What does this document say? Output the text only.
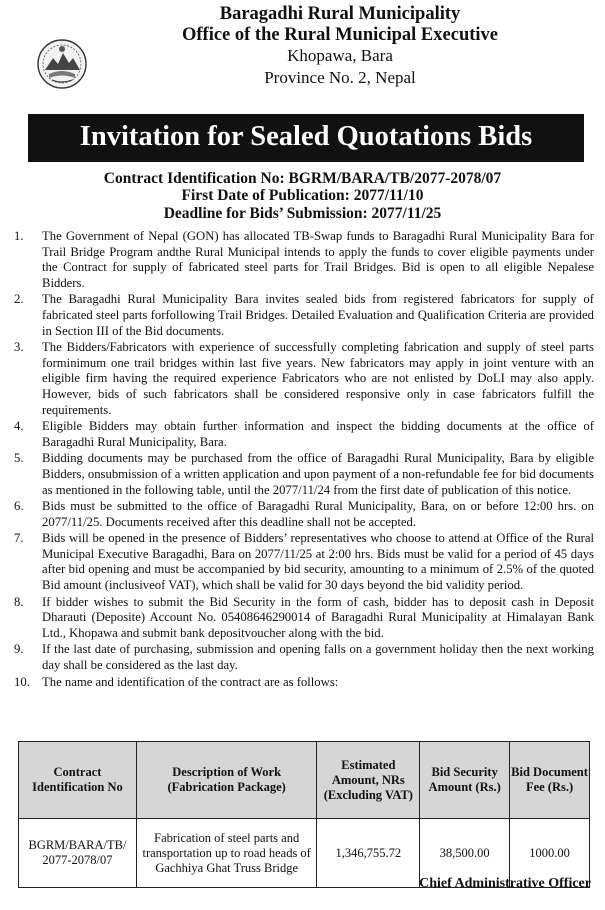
Baragadhi Rural Municipality
Office of the Rural Municipal Executive
Khopawa, Bara
Province No. 2, Nepal
Invitation for Sealed Quotations Bids
Contract Identification No: BGRM/BARA/TB/2077-2078/07
First Date of Publication: 2077/11/10
Deadline for Bids’ Submission: 2077/11/25
1. The Government of Nepal (GON) has allocated TB-Swap funds to Baragadhi Rural Municipality Bara for Trail Bridge Program andthe Rural Municipal intends to apply the funds to cover eligible payments under the Contract for supply of fabricated steel parts for Trail Bridges. Bid is open to all eligible Nepalese Bidders.
2. The Baragadhi Rural Municipality Bara invites sealed bids from registered fabricators for supply of fabricated steel parts forfollowing Trail Bridges. Detailed Evaluation and Qualification Criteria are provided in Section III of the Bid documents.
3. The Bidders/Fabricators with experience of successfully completing fabrication and supply of steel parts forminimum one trail bridges within last five years. New fabricators may apply in joint venture with an eligible firm having the required experience Fabricators who are not enlisted by DoLI may also apply. However, bids of such fabricators shall be considered responsive only in case fabricators fulfill the requirements.
4. Eligible Bidders may obtain further information and inspect the bidding documents at the office of Baragadhi Rural Municipality, Bara.
5. Bidding documents may be purchased from the office of Baragadhi Rural Municipality, Bara by eligible Bidders, onsubmission of a written application and upon payment of a non-refundable fee for bid documents as mentioned in the following table, until the 2077/11/24 from the first date of publication of this notice.
6. Bids must be submitted to the office of Baragadhi Rural Municipality, Bara, on or before 12:00 hrs. on 2077/11/25. Documents received after this deadline shall not be accepted.
7. Bids will be opened in the presence of Bidders’ representatives who choose to attend at Office of the Rural Municipal Executive Baragadhi, Bara on 2077/11/25 at 2:00 hrs. Bids must be valid for a period of 45 days after bid opening and must be accompanied by bid security, amounting to a minimum of 2.5% of the quoted Bid amount (inclusiveof VAT), which shall be valid for 30 days beyond the bid validity period.
8. If bidder wishes to submit the Bid Security in the form of cash, bidder has to deposit cash in Deposit Dharauti (Deposite) Account No. 05408646290014 of Baragadhi Rural Municipality at Himalayan Bank Ltd., Khopawa and submit bank depositvoucher along with the bid.
9. If the last date of purchasing, submission and opening falls on a government holiday then the next working day shall be considered as the last day.
10. The name and identification of the contract are as follows:
Contract Identification No	Description of Work (Fabrication Package)	Estimated Amount, NRs (Excluding VAT)	Bid Security Amount (Rs.)	Bid Document Fee (Rs.)
BGRM/BARA/TB/ 2077-2078/07	Fabrication of steel parts and transportation up to road heads of Gachhiya Ghat Truss Bridge	1,346,755.72	38,500.00	1000.00
Chief Administrative Officer
